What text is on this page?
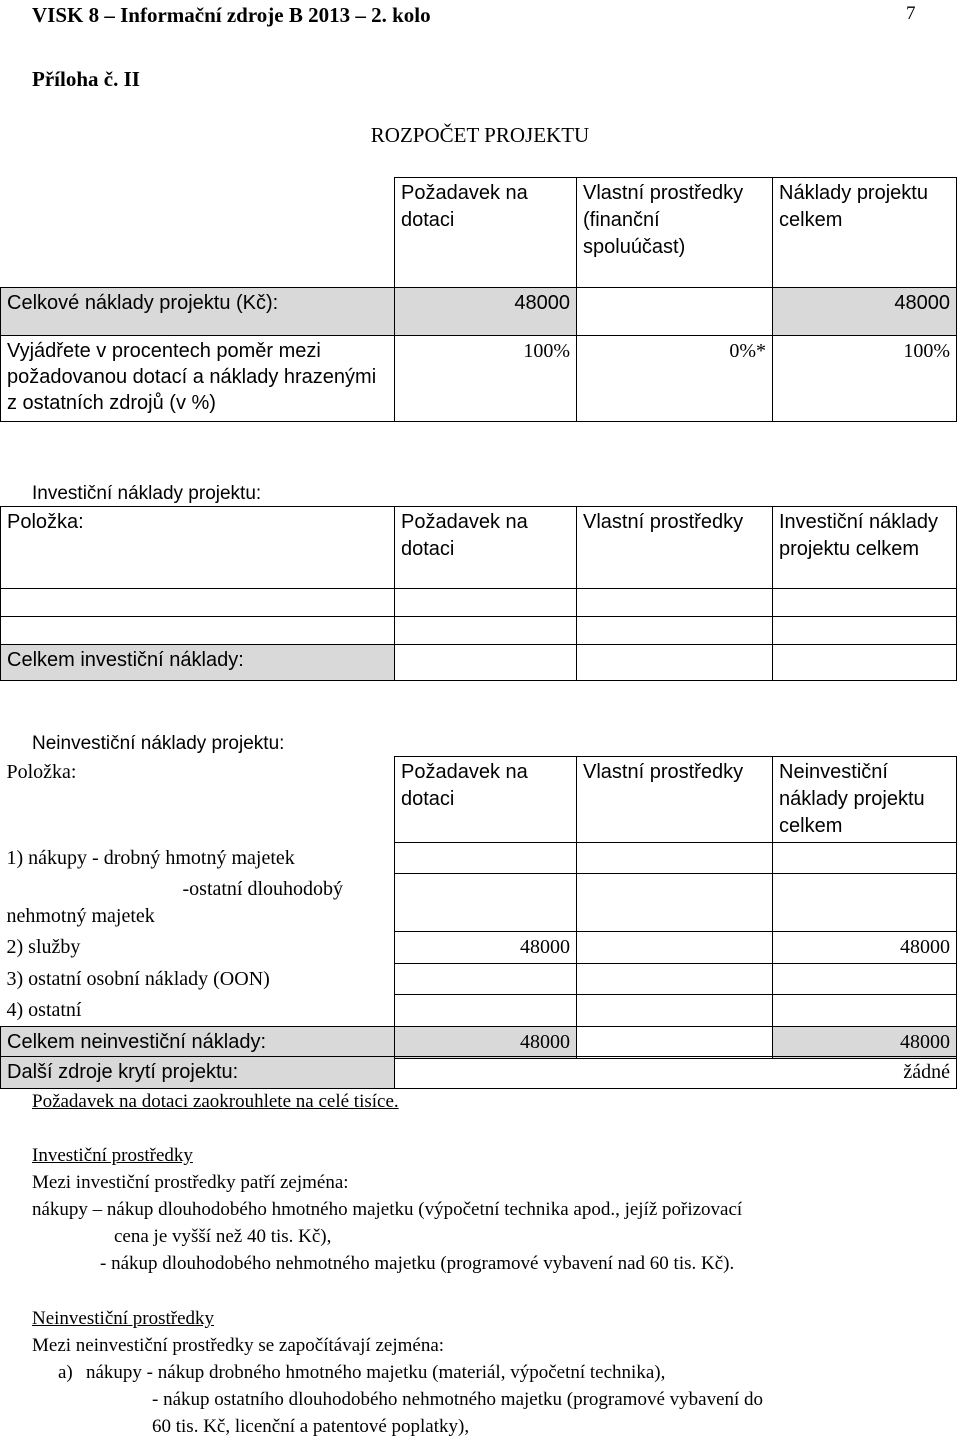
VISK 8 – Informační zdroje B 2013 – 2. kolo	7
Příloha č. II
ROZPOČET PROJEKTU
	Požadavek na dotaci	Vlastní prostředky (finanční spoluúčast)	Náklady projektu celkem
Celkové náklady projektu (Kč):	48000		48000
Vyjádřete v procentech poměr mezi požadovanou dotací a náklady hrazenými z ostatních zdrojů (v %)	100%	0%*	100%
Investiční náklady projektu:
Položka:	Požadavek na dotaci	Vlastní prostředky	Investiční náklady projektu celkem

Celkem investiční náklady:			
Neinvestiční náklady projektu:
Položka:	Požadavek na dotaci	Vlastní prostředky	Neinvestiční náklady projektu celkem
1) nákupy - drobný hmotný majetek			

-ostatní dlouhodobý
nehmotný majetek			

2) služby	48000		48000
3) ostatní osobní náklady (OON)			
4) ostatní			
Celkem neinvestiční náklady:	48000		48000
Další zdroje krytí projektu:	žádné
Požadavek na dotaci zaokrouhlete na celé tisíce.
Investiční prostředky
Mezi investiční prostředky patří zejména:
nákupy – nákup dlouhodobého hmotného majetku (výpočetní technika apod., jejíž pořizovací
cena je vyšší než 40 tis. Kč),
- nákup dlouhodobého nehmotného majetku (programové vybavení nad 60 tis. Kč).
Neinvestiční prostředky
Mezi neinvestiční prostředky se započítávají zejména:
a) nákupy - nákup drobného hmotného majetku (materiál, výpočetní technika),
- nákup ostatního dlouhodobého nehmotného majetku (programové vybavení do
60 tis. Kč, licenční a patentové poplatky),
